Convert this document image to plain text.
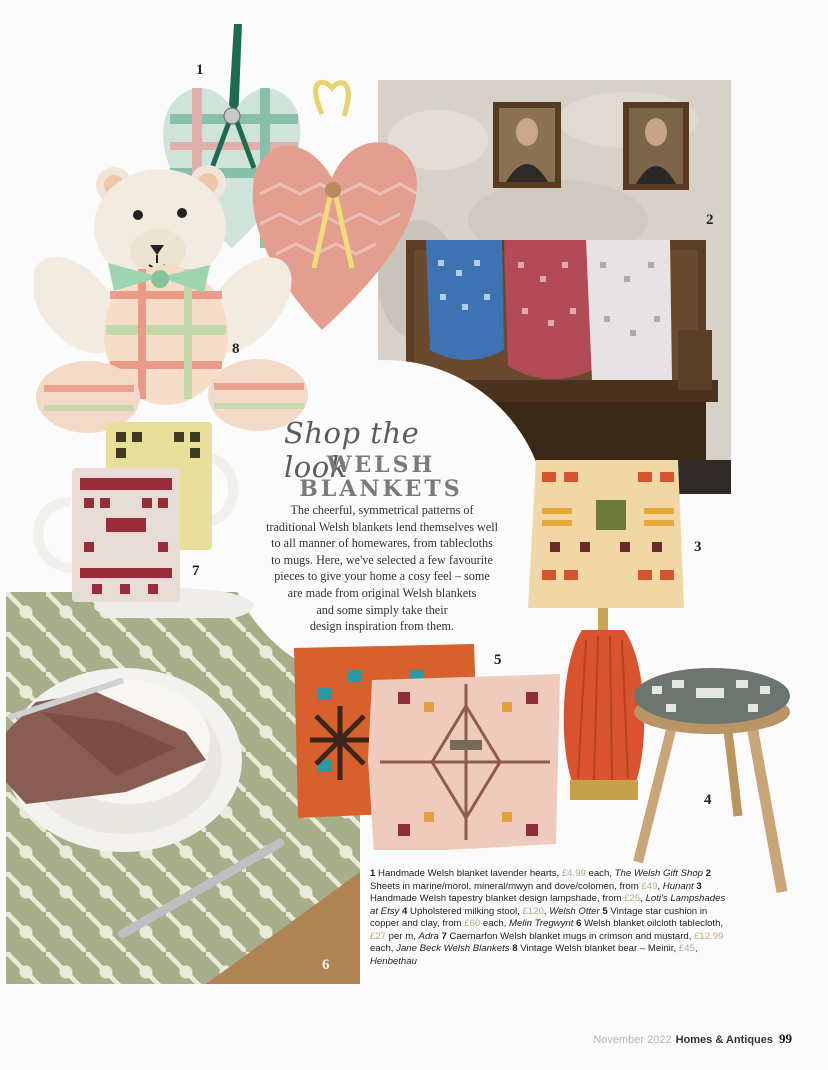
Shop the look
WELSH
BLANKETS
The cheerful, symmetrical patterns of
traditional Welsh blankets lend themselves well
to all manner of homewares, from tablecloths
to mugs. Here, we've selected a few favourite
pieces to give your home a cosy feel – some
are made from original Welsh blankets
and some simply take their
design inspiration from them.
1
2
3
4
5
6
7
8
1 Handmade Welsh blanket lavender hearts, £4.99 each, The Welsh Gift Shop 2 Sheets in marine/morol, mineral/mwyn and dove/colomen, from £49, Hunant 3 Handmade Welsh tapestry blanket design lampshade, from £25, Loti's Lampshades at Etsy 4 Upholstered milking stool, £120, Welsh Otter 5 Vintage star cushion in copper and clay, from £60 each, Melin Tregwynt 6 Welsh blanket oilcloth tablecloth, £27 per m, Adra 7 Caernarfon Welsh blanket mugs in crimson and mustard, £12.99 each, Jane Beck Welsh Blankets 8 Vintage Welsh blanket bear – Meinir, £45, Henbethau
November 2022 Homes & Antiques 99
